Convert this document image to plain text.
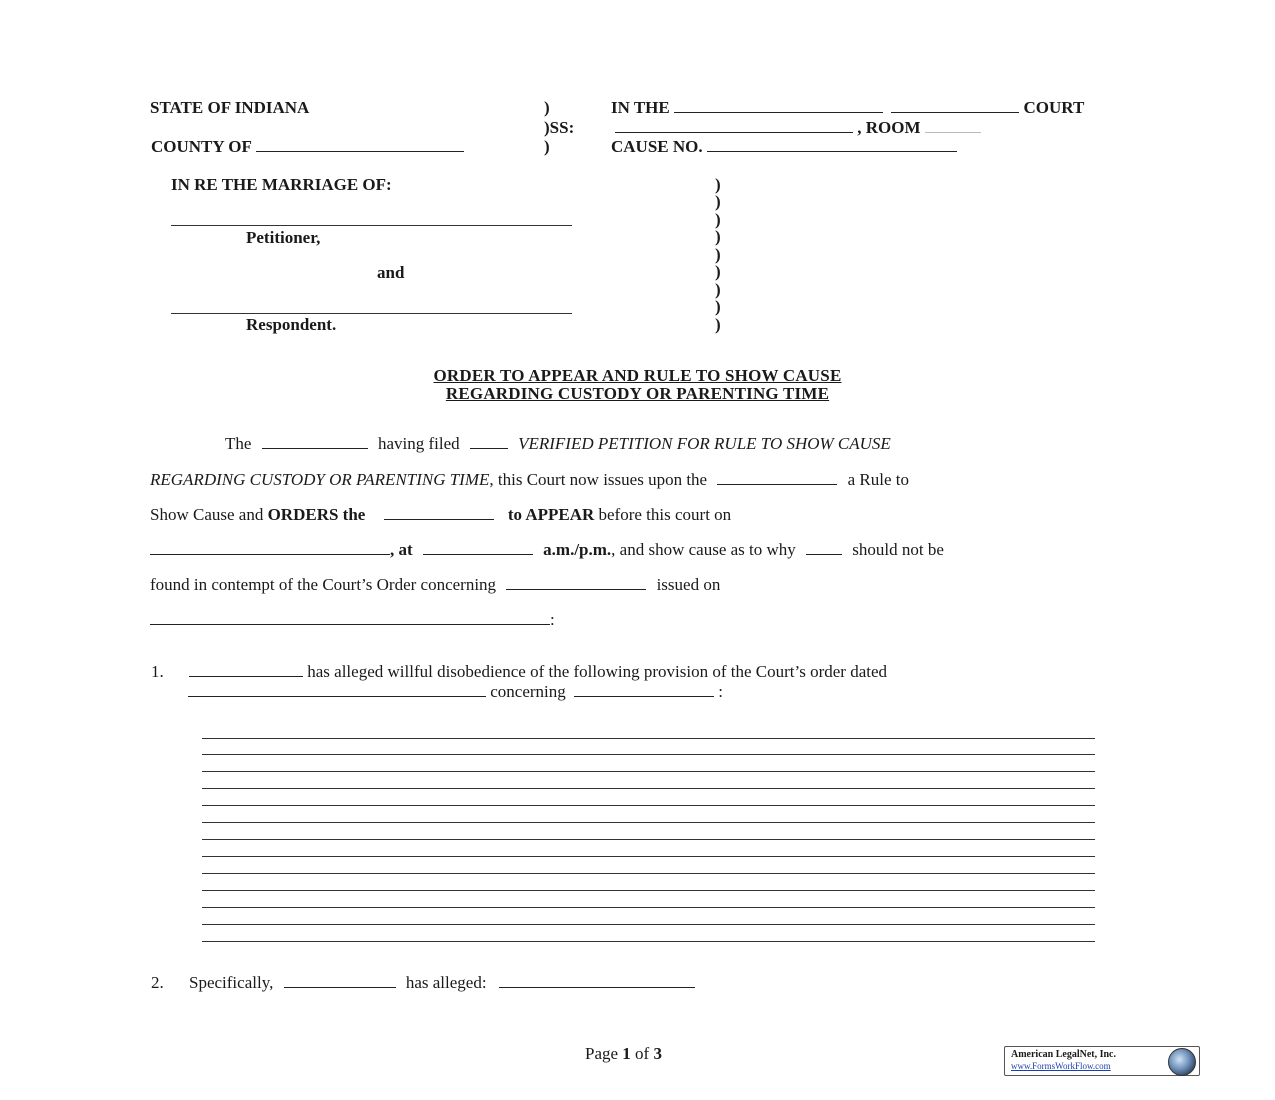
STATE OF INDIANA
COUNTY OF
)
)SS:
)
IN THE	COURT
, ROOM
CAUSE NO.
IN RE THE MARRIAGE OF:
Petitioner,
and
Respondent.
)
)
)
)
)
)
)
)
)
ORDER TO APPEAR AND RULE TO SHOW CAUSE
REGARDING CUSTODY OR PARENTING TIME
The	having filed	VERIFIED PETITION FOR RULE TO SHOW CAUSE
REGARDING CUSTODY OR PARENTING TIME, this Court now issues upon the	a Rule to
Show Cause and ORDERS the	to APPEAR before this court on
, at	a.m./p.m., and show cause as to why	should not be
found in contempt of the Court’s Order concerning	issued on
:
1.	has alleged willful disobedience of the following provision of the Court’s order dated
concerning	:
2. Specifically,	has alleged:
Page 1 of 3	American LegalNet, Inc.
www.FormsWorkFlow.com
